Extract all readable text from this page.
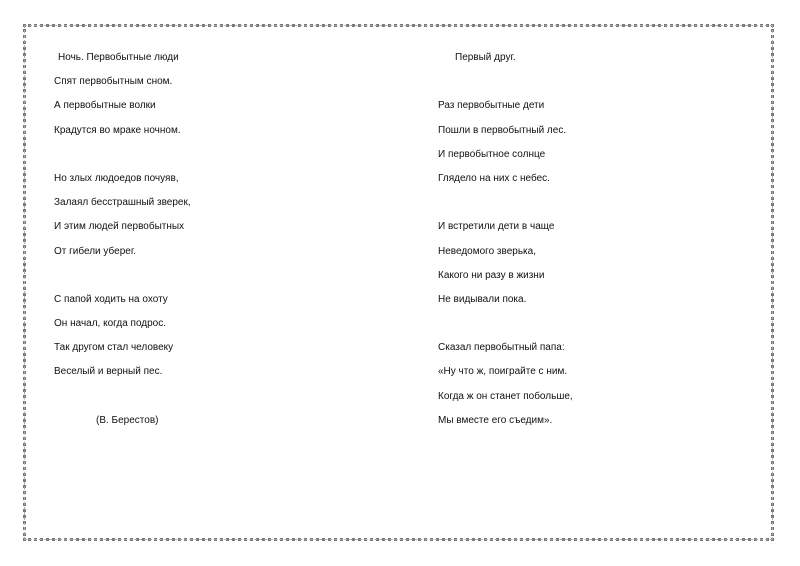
Ночь. Первобытные люди
Спят первобытным сном.
А первобытные волки
Крадутся во мраке ночном.
Но злых людоедов почуяв,
Залаял бесстрашный зверек,
И этим людей первобытных
От гибели уберег.
С папой ходить на охоту
Он начал, когда подрос.
Так другом стал человеку
Веселый и верный пес.
(В. Берестов)
Первый друг.
Раз первобытные дети
Пошли в первобытный лес.
И первобытное солнце
Глядело на них с небес.
И встретили дети в чаще
Неведомого зверька,
Какого ни разу в жизни
Не видывали пока.
Сказал первобытный папа:
«Ну что ж, поиграйте с ним.
Когда ж он станет побольше,
Мы вместе его съедим».
